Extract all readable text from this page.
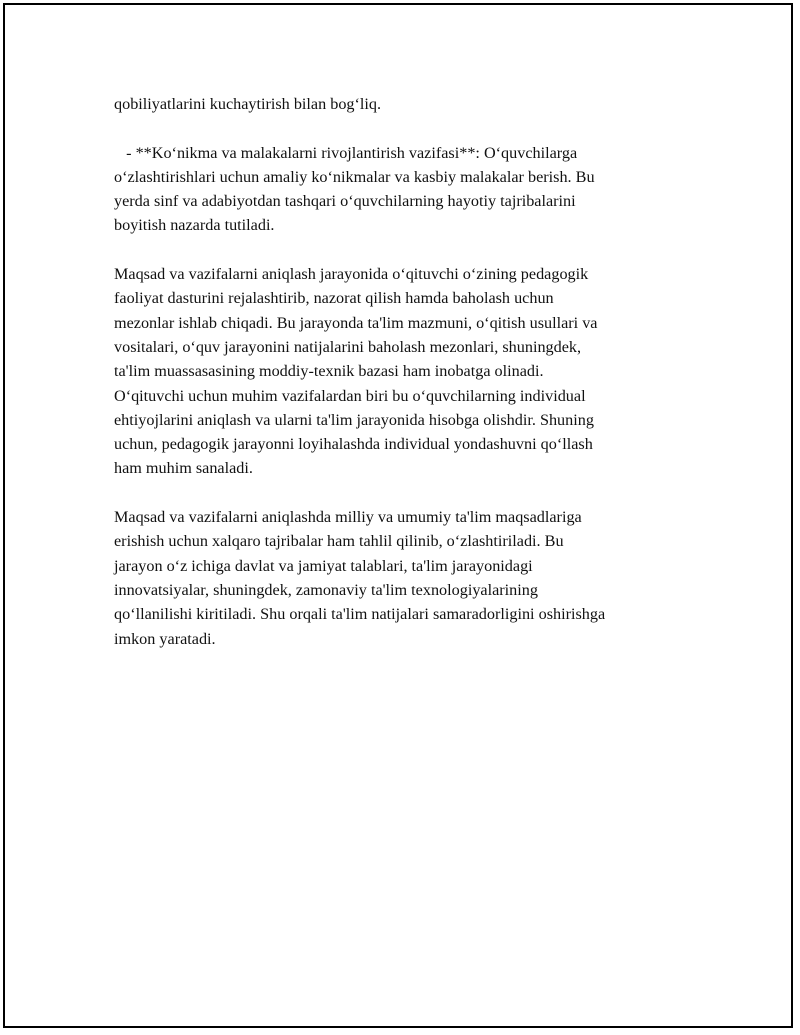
qobiliyatlarini kuchaytirish bilan bog‘liq.
- **Ko‘nikma va malakalarni rivojlantirish vazifasi**: O‘quvchilarga
o‘zlashtirishlari uchun amaliy ko‘nikmalar va kasbiy malakalar berish. Bu
yerda sinf va adabiyotdan tashqari o‘quvchilarning hayotiy tajribalarini
boyitish nazarda tutiladi.
Maqsad va vazifalarni aniqlash jarayonida o‘qituvchi o‘zining pedagogik
faoliyat dasturini rejalashtirib, nazorat qilish hamda baholash uchun
mezonlar ishlab chiqadi. Bu jarayonda ta'lim mazmuni, o‘qitish usullari va
vositalari, o‘quv jarayonini natijalarini baholash mezonlari, shuningdek,
ta'lim muassasasining moddiy-texnik bazasi ham inobatga olinadi.
O‘qituvchi uchun muhim vazifalardan biri bu o‘quvchilarning individual
ehtiyojlarini aniqlash va ularni ta'lim jarayonida hisobga olishdir. Shuning
uchun, pedagogik jarayonni loyihalashda individual yondashuvni qo‘llash
ham muhim sanaladi.
Maqsad va vazifalarni aniqlashda milliy va umumiy ta'lim maqsadlariga
erishish uchun xalqaro tajribalar ham tahlil qilinib, o‘zlashtiriladi. Bu
jarayon o‘z ichiga davlat va jamiyat talablari, ta'lim jarayonidagi
innovatsiyalar, shuningdek, zamonaviy ta'lim texnologiyalarining
qo‘llanilishi kiritiladi. Shu orqali ta'lim natijalari samaradorligini oshirishga
imkon yaratadi.
